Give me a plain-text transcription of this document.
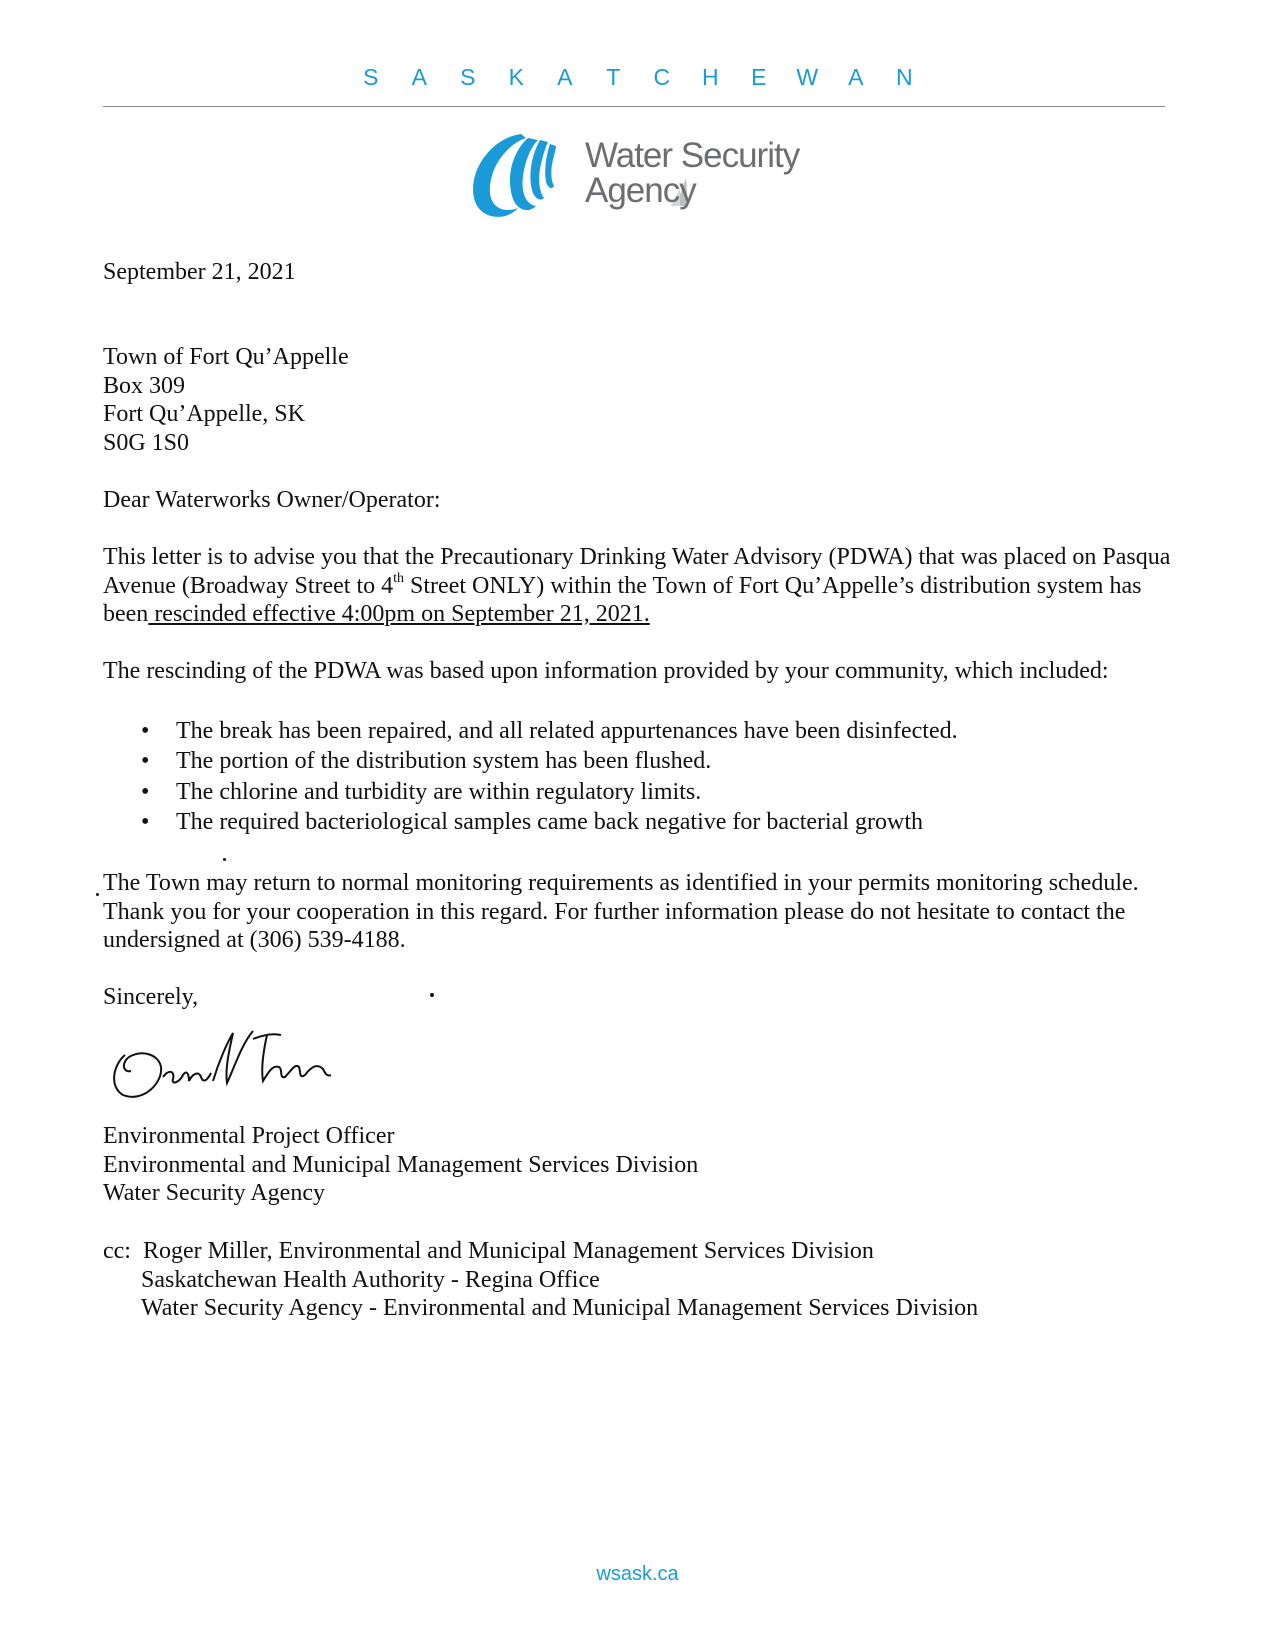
S A S K A T C H E W A N
Water Security
Agency
September 21, 2021
Town of Fort Qu’Appelle
Box 309
Fort Qu’Appelle, SK
S0G 1S0
Dear Waterworks Owner/Operator:
This letter is to advise you that the Precautionary Drinking Water Advisory (PDWA) that was placed on Pasqua Avenue (Broadway Street to 4th Street ONLY) within the Town of Fort Qu’Appelle’s distribution system has been rescinded effective 4:00pm on September 21, 2021.
The rescinding of the PDWA was based upon information provided by your community, which included:
• The break has been repaired, and all related appurtenances have been disinfected.
• The portion of the distribution system has been flushed.
• The chlorine and turbidity are within regulatory limits.
• The required bacteriological samples came back negative for bacterial growth
The Town may return to normal monitoring requirements as identified in your permits monitoring schedule. Thank you for your cooperation in this regard. For further information please do not hesitate to contact the undersigned at (306) 539-4188.
Sincerely,
Environmental Project Officer
Environmental and Municipal Management Services Division
Water Security Agency
cc: Roger Miller, Environmental and Municipal Management Services Division
Saskatchewan Health Authority - Regina Office
Water Security Agency - Environmental and Municipal Management Services Division
wsask.ca
